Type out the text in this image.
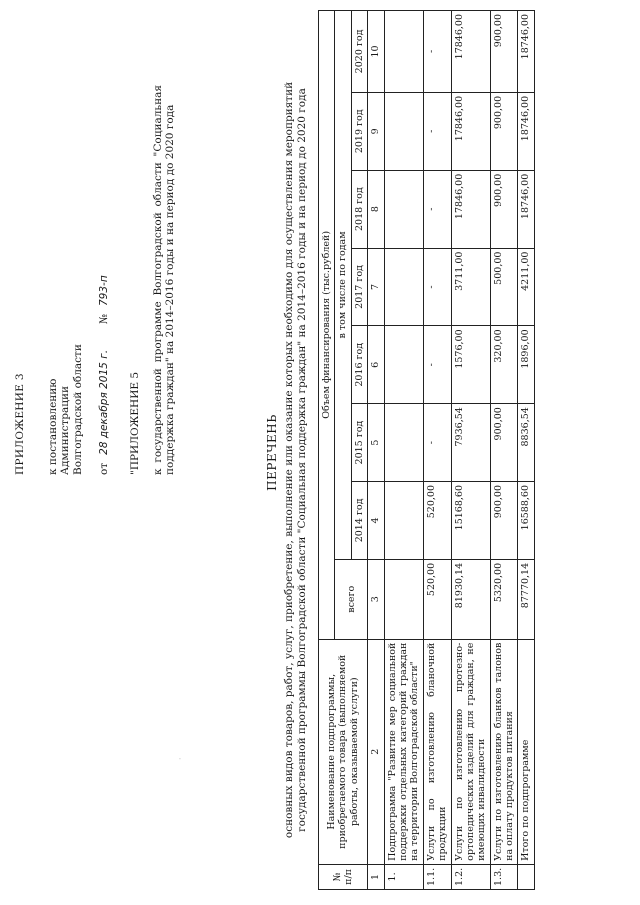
·
ПРИЛОЖЕНИЕ 3 к постановлению Администрации Волгоградской области от
28 декабря 2015 г.
№
793-п
"ПРИЛОЖЕНИЕ 5 к государственной программе Волгоградской области "Социальная поддержка граждан" на 2014–2016 годы и на период до 2020 года	ПЕРЕЧЕНЬ основных видов товаров, работ, услуг, приобретение, выполнение или оказание которых необходимо для осуществления мероприятий государственной программы Волгоградской области "Социальная поддержка граждан" на 2014–2016 годы и на период до 2020 года
№ п/п	Наименование подпрограммы, приобретаемого товара (выполняемой работы, оказываемой услуги)	Объем финансирования (тыс.рублей)							
		всего	в том числе по годам						
			2014 год	2015 год	2016 год	2017 год	2018 год	2019 год	2020 год
1	2	3	4	5	6	7	8	9	10
1.	Подпрограмма "Развитие мер социальной поддержки отдельных категорий граждан на территории Волгоградской области"								
1.1.	Услуги по изготовлению бланочной продукции	520,00	520,00	-	-	-	-	-	-
1.2.	Услуги по изготовлению протезно-ортопедических изделий для граждан, не имеющих инвалидности	81930,14	15168,60	7936,54	1576,00	3711,00	17846,00	17846,00	17846,00
1.3.	Услуги по изготовлению бланков талонов на оплату продуктов питания	5320,00	900,00	900,00	320,00	500,00	900,00	900,00	900,00
	Итого по подпрограмме	87770,14	16588,60	8836,54	1896,00	4211,00	18746,00	18746,00	18746,00
